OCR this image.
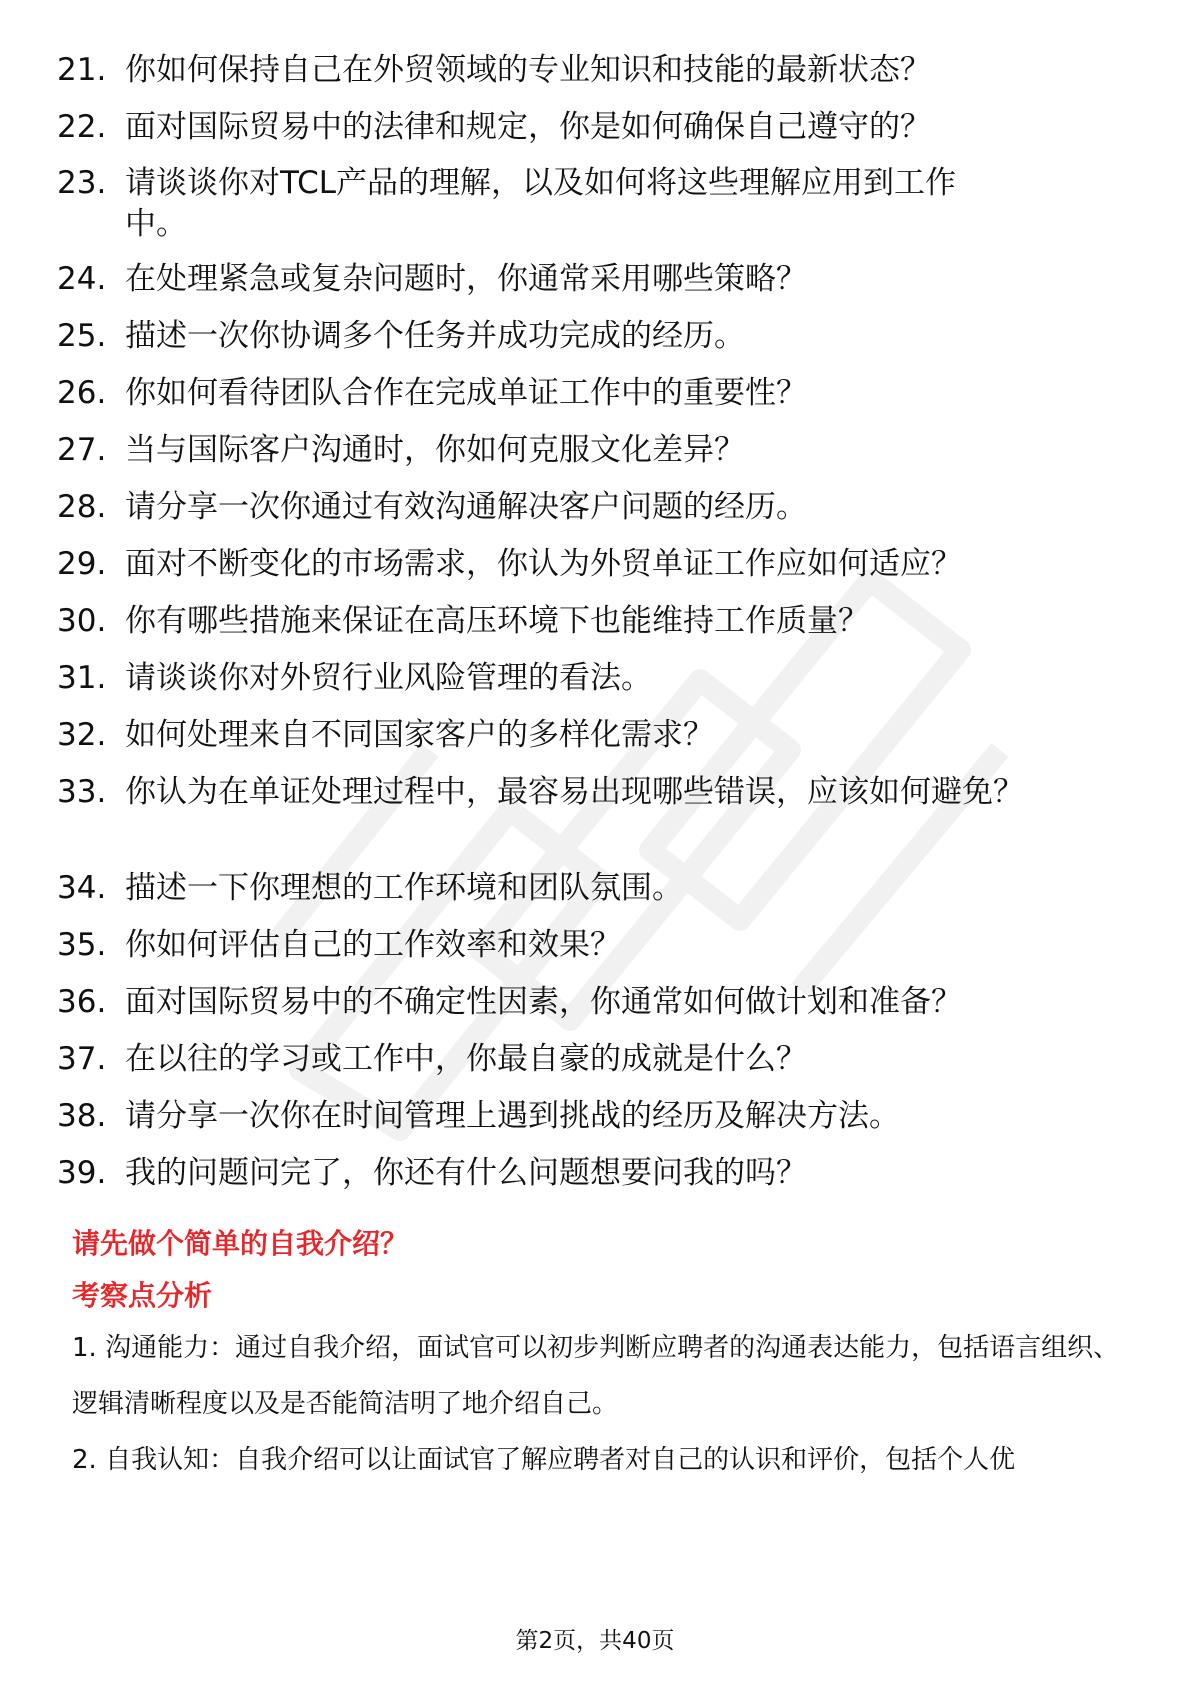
21. 你如何保持自己在外贸领域的专业知识和技能的最新状态？
22. 面对国际贸易中的法律和规定，你是如何确保自己遵守的？
23. 请谈谈你对TCL产品的理解，以及如何将这些理解应用到工作中。
24. 在处理紧急或复杂问题时，你通常采用哪些策略？
25. 描述一次你协调多个任务并成功完成的经历。
26. 你如何看待团队合作在完成单证工作中的重要性？
27. 当与国际客户沟通时，你如何克服文化差异？
28. 请分享一次你通过有效沟通解决客户问题的经历。
29. 面对不断变化的市场需求，你认为外贸单证工作应如何适应？
30. 你有哪些措施来保证在高压环境下也能维持工作质量？
31. 请谈谈你对外贸行业风险管理的看法。
32. 如何处理来自不同国家客户的多样化需求？
33. 你认为在单证处理过程中，最容易出现哪些错误，应该如何避免？
34. 描述一下你理想的工作环境和团队氛围。
35. 你如何评估自己的工作效率和效果？
36. 面对国际贸易中的不确定性因素，你通常如何做计划和准备？
37. 在以往的学习或工作中，你最自豪的成就是什么？
38. 请分享一次你在时间管理上遇到挑战的经历及解决方法。
39. 我的问题问完了，你还有什么问题想要问我的吗？
请先做个简单的自我介绍？
考察点分析
1. 沟通能力：通过自我介绍，面试官可以初步判断应聘者的沟通表达能力，包括语言组织、逻辑清晰程度以及是否能简洁明了地介绍自己。
2. 自我认知：自我介绍可以让面试官了解应聘者对自己的认识和评价，包括个人优
第2页，共40页
